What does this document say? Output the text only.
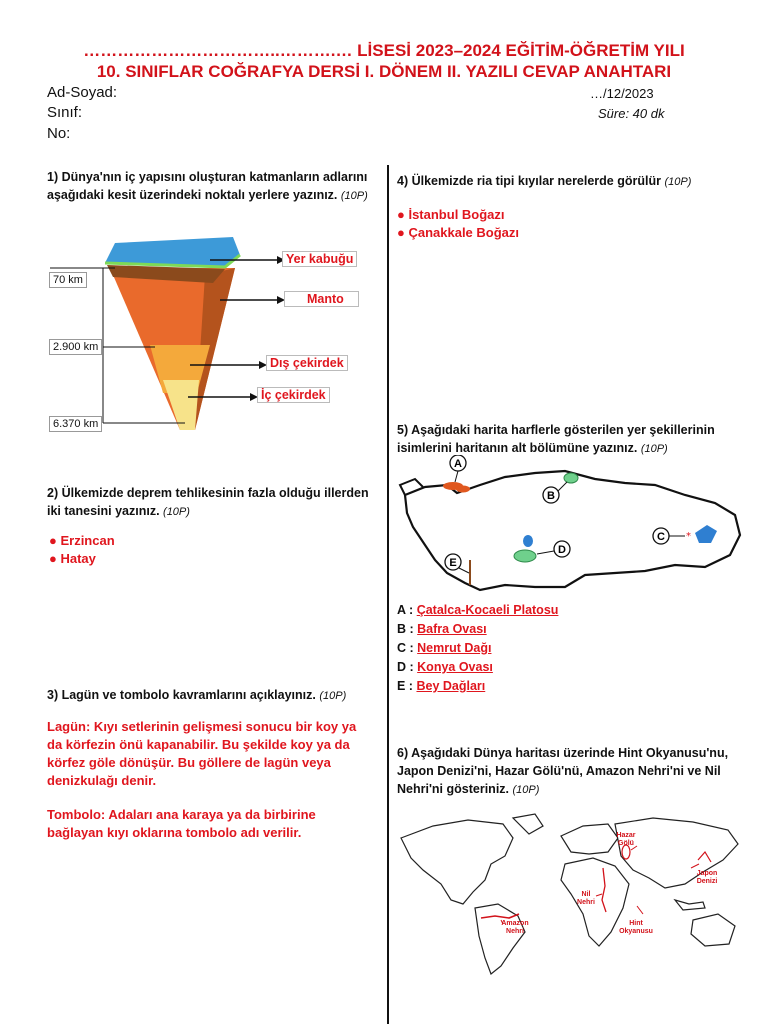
……………………………..……….… LİSESİ 2023–2024 EĞİTİM-ÖĞRETİM YILI
10. SINIFLAR COĞRAFYA DERSİ I. DÖNEM II. YAZILI CEVAP ANAHTARI
Ad-Soyad:
Sınıf:
No:
…/12/2023
Süre: 40 dk
1) Dünya'nın iç yapısını oluşturan katmanların adlarını aşağıdaki kesit üzerindeki noktalı yerlere yazınız. (10P)
70 km
2.900 km
6.370 km
Yer kabuğu
Manto
Dış çekirdek
İç çekirdek
2) Ülkemizde deprem tehlikesinin fazla olduğu illerden iki tanesini yazınız. (10P)
● Erzincan
● Hatay
3) Lagün ve tombolo kavramlarını açıklayınız. (10P)
Lagün: Kıyı setlerinin gelişmesi sonucu bir koy ya da körfezin önü kapanabilir. Bu şekilde koy ya da körfez göle dönüşür. Bu göllere de lagün veya denizkulağı denir.
Tombolo: Adaları ana karaya ya da birbirine bağlayan kıyı oklarına tombolo adı verilir.
4) Ülkemizde ria tipi kıyılar nerelerde görülür (10P)
● İstanbul Boğazı
● Çanakkale Boğazı
5) Aşağıdaki harita harflerle gösterilen yer şekillerinin isimlerini haritanın alt bölümüne yazınız. (10P)
*
A
B
C
D
E
A : Çatalca-Kocaeli Platosu
B : Bafra Ovası
C : Nemrut Dağı
D : Konya Ovası
E : Bey Dağları
6) Aşağıdaki Dünya haritası üzerinde Hint Okyanusu'nu, Japon Denizi'ni, Hazar Gölü'nü, Amazon Nehri'ni ve Nil Nehri'ni gösteriniz. (10P)
Hazar Gölü
Japon Denizi
Nil Nehri
Amazon Nehri
Hint Okyanusu
